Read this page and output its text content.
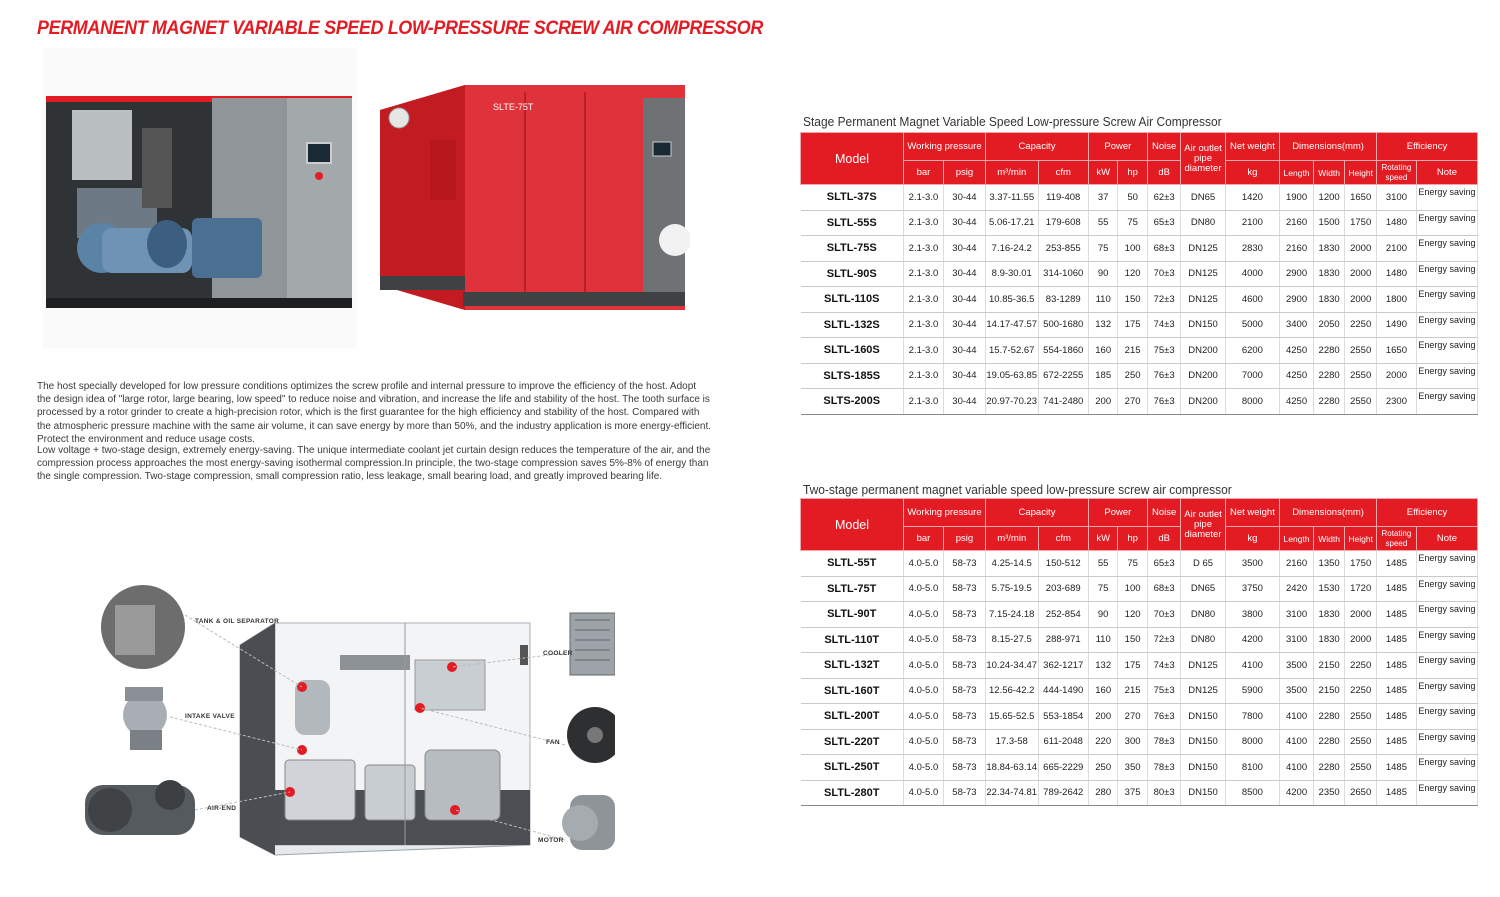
PERMANENT MAGNET VARIABLE SPEED LOW-PRESSURE SCREW AIR COMPRESSOR
SLTE-75T

The host specially developed for low pressure conditions optimizes the screw profile and internal pressure to improve the efficiency of the host. Adopt the design idea of "large rotor, large bearing, low speed" to reduce noise and vibration, and increase the life and stability of the host. The tooth surface is processed by a rotor grinder to create a high-precision rotor, which is the first guarantee for the high efficiency and stability of the host. Compared with the atmospheric pressure machine with the same air volume, it can save energy by more than 50%, and the industry application is more energy-efficient. Protect the environment and reduce usage costs.

Low voltage + two-stage design, extremely energy-saving. The unique intermediate coolant jet curtain design reduces the temperature of the air, and the compression process approaches the most energy-saving isothermal compression.In principle, the two-stage compression saves 5%-8% of energy than the single compression. Two-stage compression, small compression ratio, less leakage, small bearing load, and greatly improved bearing life.

TANK & OIL SEPARATOR
INTAKE VALVE
AIR-END
COOLER
FAN
MOTOR
Stage Permanent Magnet Variable Speed Low-pressure Screw Air Compressor
Model	Working pressure		Capacity		Power		Noise	Air outlet pipe diameter	Net weight	Dimensions(mm)			Efficiency	
	bar	psig	m³/min	cfm	kW	hp	dB		kg	Length	Width	Height	Rotating speed	Note
SLTL-37S	2.1-3.0	30-44	3.37-11.55	119-408	37	50	62±3	DN65	1420	1900	1200	1650	3100	Energy saving
SLTL-55S	2.1-3.0	30-44	5.06-17.21	179-608	55	75	65±3	DN80	2100	2160	1500	1750	1480	Energy saving
SLTL-75S	2.1-3.0	30-44	7.16-24.2	253-855	75	100	68±3	DN125	2830	2160	1830	2000	2100	Energy saving
SLTL-90S	2.1-3.0	30-44	8.9-30.01	314-1060	90	120	70±3	DN125	4000	2900	1830	2000	1480	Energy saving
SLTL-110S	2.1-3.0	30-44	10.85-36.5	83-1289	110	150	72±3	DN125	4600	2900	1830	2000	1800	Energy saving
SLTL-132S	2.1-3.0	30-44	14.17-47.57	500-1680	132	175	74±3	DN150	5000	3400	2050	2250	1490	Energy saving
SLTL-160S	2.1-3.0	30-44	15.7-52.67	554-1860	160	215	75±3	DN200	6200	4250	2280	2550	1650	Energy saving
SLTS-185S	2.1-3.0	30-44	19.05-63.85	672-2255	185	250	76±3	DN200	7000	4250	2280	2550	2000	Energy saving
SLTS-200S	2.1-3.0	30-44	20.97-70.23	741-2480	200	270	76±3	DN200	8000	4250	2280	2550	2300	Energy saving
Two-stage permanent magnet variable speed low-pressure screw air compressor
Model	Working pressure		Capacity		Power		Noise	Air outlet pipe diameter	Net weight	Dimensions(mm)			Efficiency	
	bar	psig	m³/min	cfm	kW	hp	dB		kg	Length	Width	Height	Rotating speed	Note
SLTL-55T	4.0-5.0	58-73	4.25-14.5	150-512	55	75	65±3	D 65	3500	2160	1350	1750	1485	Energy saving
SLTL-75T	4.0-5.0	58-73	5.75-19.5	203-689	75	100	68±3	DN65	3750	2420	1530	1720	1485	Energy saving
SLTL-90T	4.0-5.0	58-73	7.15-24.18	252-854	90	120	70±3	DN80	3800	3100	1830	2000	1485	Energy saving
SLTL-110T	4.0-5.0	58-73	8.15-27.5	288-971	110	150	72±3	DN80	4200	3100	1830	2000	1485	Energy saving
SLTL-132T	4.0-5.0	58-73	10.24-34.47	362-1217	132	175	74±3	DN125	4100	3500	2150	2250	1485	Energy saving
SLTL-160T	4.0-5.0	58-73	12.56-42.2	444-1490	160	215	75±3	DN125	5900	3500	2150	2250	1485	Energy saving
SLTL-200T	4.0-5.0	58-73	15.65-52.5	553-1854	200	270	76±3	DN150	7800	4100	2280	2550	1485	Energy saving
SLTL-220T	4.0-5.0	58-73	17.3-58	611-2048	220	300	78±3	DN150	8000	4100	2280	2550	1485	Energy saving
SLTL-250T	4.0-5.0	58-73	18.84-63.14	665-2229	250	350	78±3	DN150	8100	4100	2280	2550	1485	Energy saving
SLTL-280T	4.0-5.0	58-73	22.34-74.81	789-2642	280	375	80±3	DN150	8500	4200	2350	2650	1485	Energy saving
